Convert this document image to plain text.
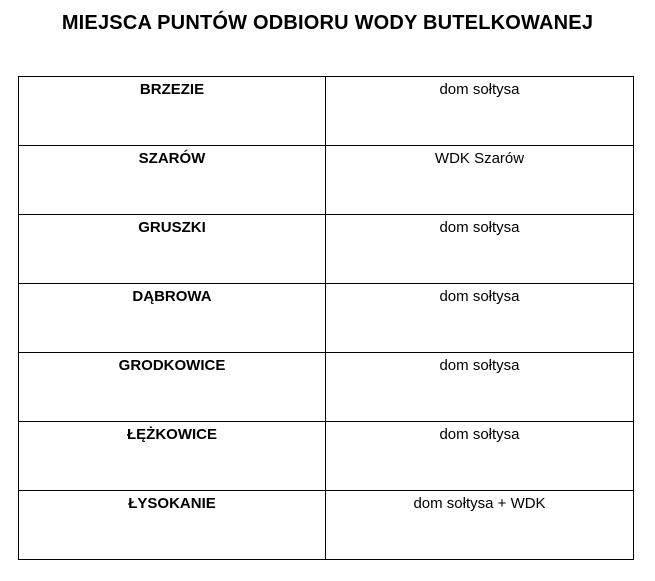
MIEJSCA PUNTÓW ODBIORU WODY BUTELKOWANEJ
BRZEZIE	dom sołtysa
SZARÓW	WDK Szarów
GRUSZKI	dom sołtysa
DĄBROWA	dom sołtysa
GRODKOWICE	dom sołtysa
ŁĘŻKOWICE	dom sołtysa
ŁYSOKANIE	dom sołtysa + WDK
